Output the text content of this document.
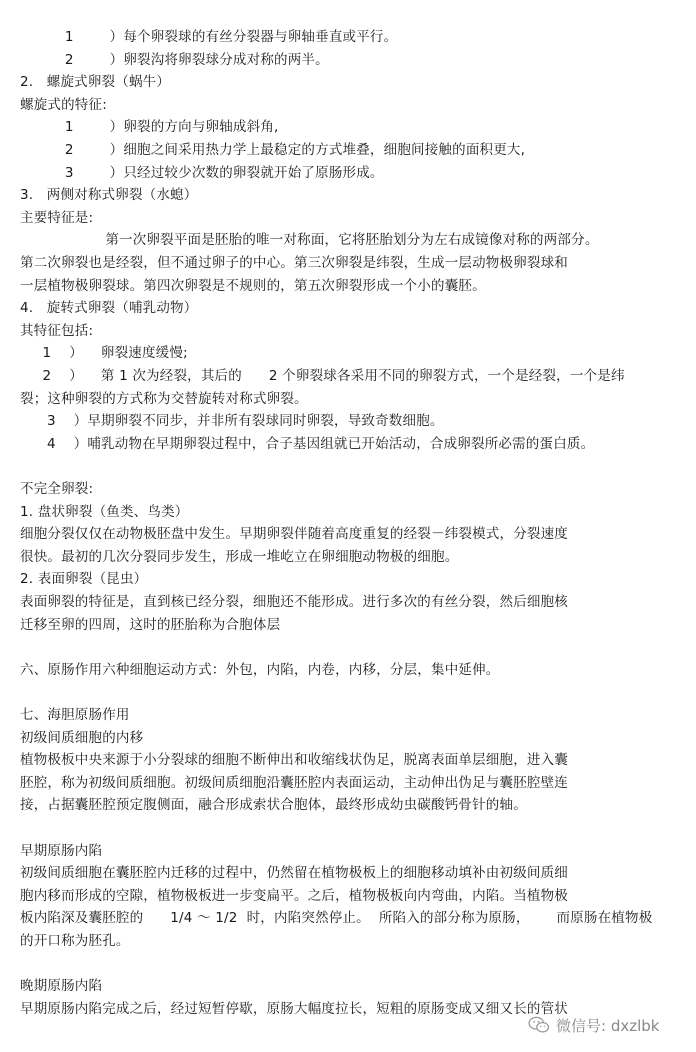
1        ）每个卵裂球的有丝分裂器与卵轴垂直或平行。
2        ）卵裂沟将卵裂球分成对称的两半。
2.   螺旋式卵裂（蜗牛）
螺旋式的特征:
1        ）卵裂的方向与卵轴成斜角,
2        ）细胞之间采用热力学上最稳定的方式堆叠，细胞间接触的面积更大,
3        ）只经过较少次数的卵裂就开始了原肠形成。
3.   两侧对称式卵裂（水螅）
主要特征是:
第一次卵裂平面是胚胎的唯一对称面，它将胚胎划分为左右成镜像对称的两部分。
第二次卵裂也是经裂，但不通过卵子的中心。第三次卵裂是纬裂，生成一层动物极卵裂球和
一层植物极卵裂球。第四次卵裂是不规则的，第五次卵裂形成一个小的囊胚。
4.   旋转式卵裂（哺乳动物）
其特征包括:
1    ）    卵裂速度缓慢;
2    ）    第 1 次为经裂，其后的      2 个卵裂球各采用不同的卵裂方式，一个是经裂，一个是纬
裂；这种卵裂的方式称为交替旋转对称式卵裂。
3    ）早期卵裂不同步，并非所有裂球同时卵裂，导致奇数细胞。
4    ）哺乳动物在早期卵裂过程中，合子基因组就已开始活动，合成卵裂所必需的蛋白质。
不完全卵裂:
1. 盘状卵裂（鱼类、鸟类）
细胞分裂仅仅在动物极胚盘中发生。早期卵裂伴随着高度重复的经裂－纬裂模式，分裂速度
很快。最初的几次分裂同步发生，形成一堆屹立在卵细胞动物极的细胞。
2. 表面卵裂（昆虫）
表面卵裂的特征是，直到核已经分裂，细胞还不能形成。进行多次的有丝分裂，然后细胞核
迁移至卵的四周，这时的胚胎称为合胞体层
六、原肠作用六种细胞运动方式：外包，内陷，内卷，内移，分层，集中延伸。
七、海胆原肠作用
初级间质细胞的内移
植物极板中央来源于小分裂球的细胞不断伸出和收缩线状伪足，脱离表面单层细胞，进入囊
胚腔，称为初级间质细胞。初级间质细胞沿囊胚腔内表面运动，主动伸出伪足与囊胚腔壁连
接，占据囊胚腔预定腹侧面，融合形成索状合胞体，最终形成幼虫碳酸钙骨针的轴。
早期原肠内陷
初级间质细胞在囊胚腔内迁移的过程中，仍然留在植物极板上的细胞移动填补由初级间质细
胞内移而形成的空隙，植物极板进一步变扁平。之后，植物极板向内弯曲，内陷。当植物极
板内陷深及囊胚腔的      1/4 ～ 1/2  时，内陷突然停止。  所陷入的部分称为原肠，      而原肠在植物极
的开口称为胚孔。
晚期原肠内陷
早期原肠内陷完成之后，经过短暂停歇，原肠大幅度拉长，短粗的原肠变成又细又长的管状
微信号: dxzlbk
